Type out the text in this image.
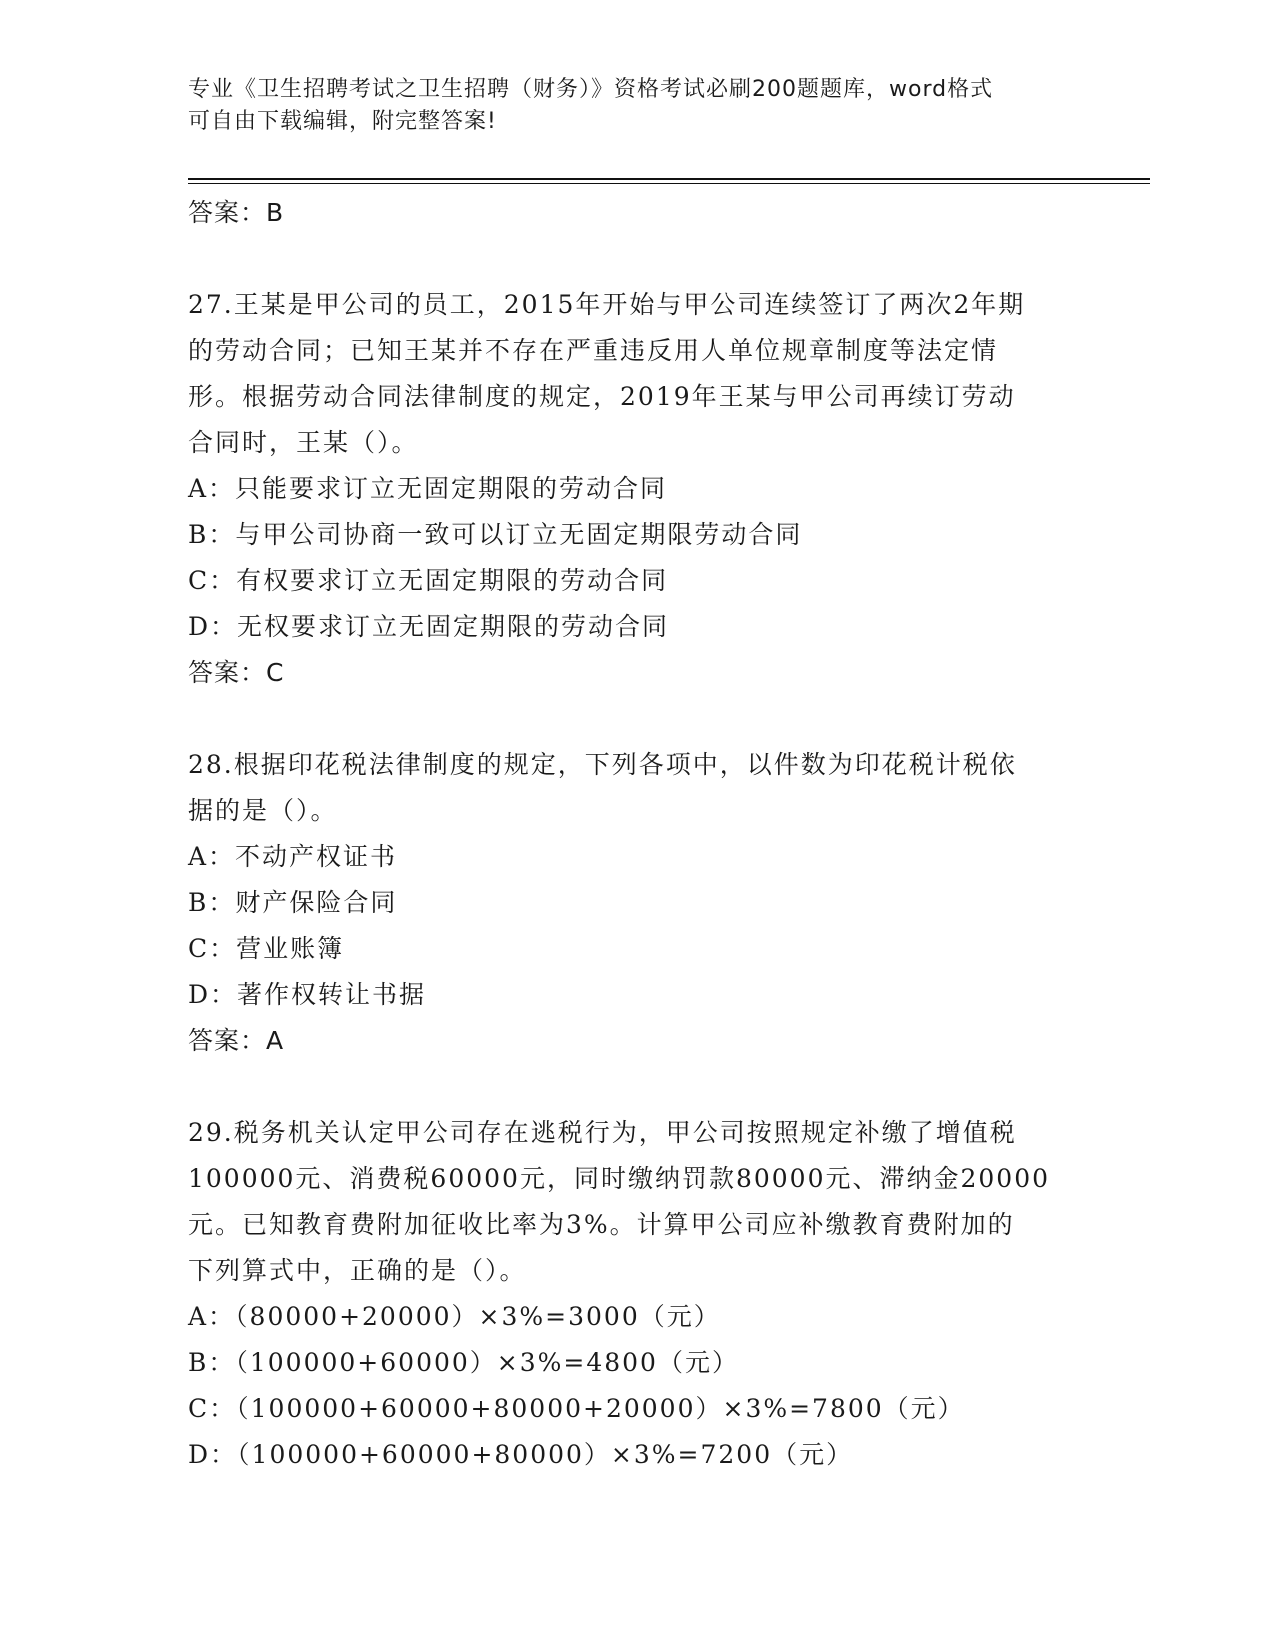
专业《卫生招聘考试之卫生招聘（财务）》资格考试必刷200题题库，word格式
可自由下载编辑，附完整答案!
答案：B
27.王某是甲公司的员工，2015年开始与甲公司连续签订了两次2年期
的劳动合同；已知王某并不存在严重违反用人单位规章制度等法定情
形。根据劳动合同法律制度的规定，2019年王某与甲公司再续订劳动
合同时，王某（）。
A：只能要求订立无固定期限的劳动合同
B：与甲公司协商一致可以订立无固定期限劳动合同
C：有权要求订立无固定期限的劳动合同
D：无权要求订立无固定期限的劳动合同
答案：C
28.根据印花税法律制度的规定，下列各项中，以件数为印花税计税依
据的是（）。
A：不动产权证书
B：财产保险合同
C：营业账簿
D：著作权转让书据
答案：A
29.税务机关认定甲公司存在逃税行为，甲公司按照规定补缴了增值税
100000元、消费税60000元，同时缴纳罚款80000元、滞纳金20000
元。已知教育费附加征收比率为3%。计算甲公司应补缴教育费附加的
下列算式中，正确的是（）。
A：（80000+20000）×3%=3000（元）
B：（100000+60000）×3%=4800（元）
C：（100000+60000+80000+20000）×3%=7800（元）
D：（100000+60000+80000）×3%=7200（元）
